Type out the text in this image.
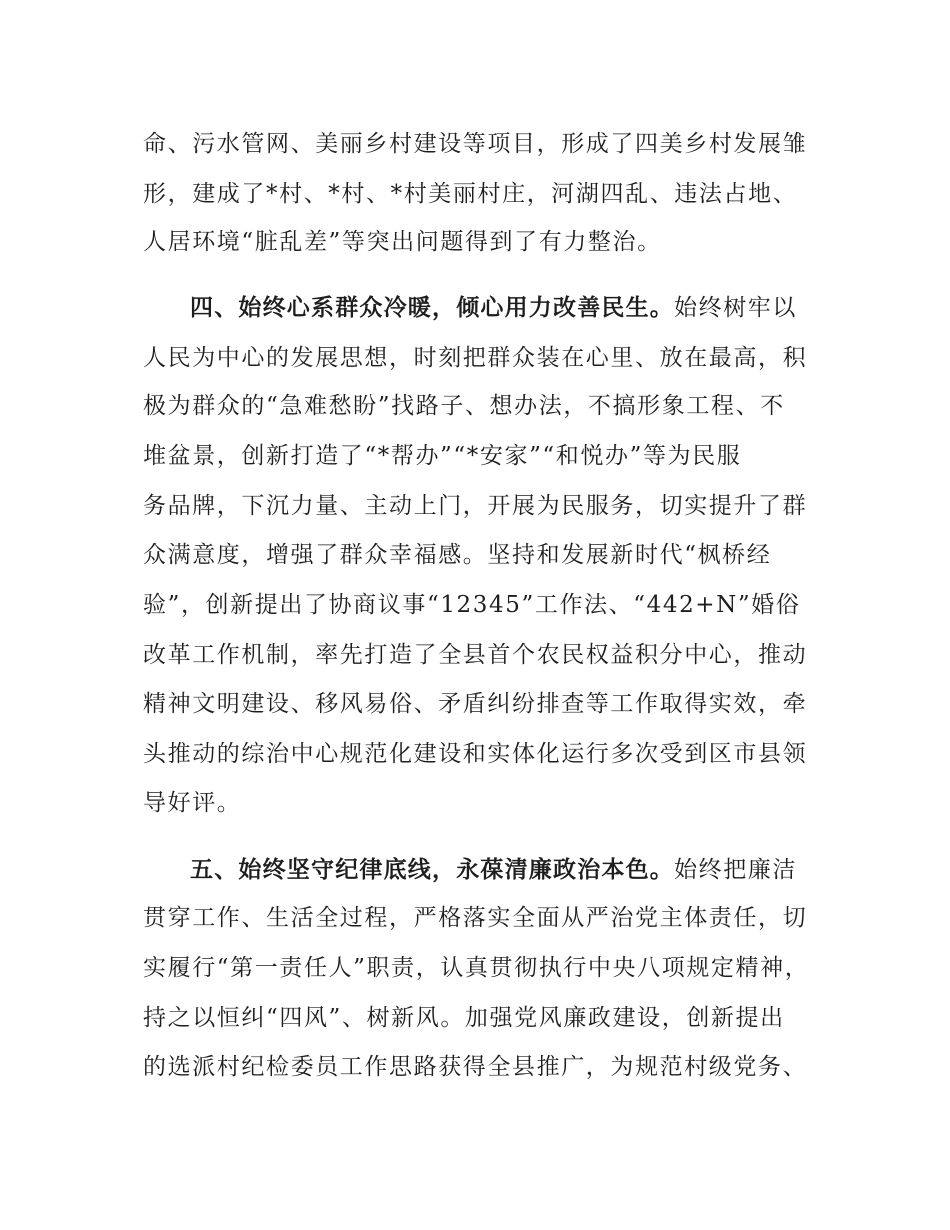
命、污水管网、美丽乡村建设等项目，形成了四美乡村发展雏
形，建成了*村、*村、*村美丽村庄，河湖四乱、违法占地、
人居环境“脏乱差”等突出问题得到了有力整治。
四、始终心系群众冷暖，倾心用力改善民生。始终树牢以
人民为中心的发展思想，时刻把群众装在心里、放在最高，积
极为群众的“急难愁盼”找路子、想办法，不搞形象工程、不
堆盆景，创新打造了“*帮办”“*安家”“和悦办”等为民服
务品牌，下沉力量、主动上门，开展为民服务，切实提升了群
众满意度，增强了群众幸福感。坚持和发展新时代“枫桥经
验”，创新提出了协商议事“12345”工作法、“442+N”婚俗
改革工作机制，率先打造了全县首个农民权益积分中心，推动
精神文明建设、移风易俗、矛盾纠纷排查等工作取得实效，牵
头推动的综治中心规范化建设和实体化运行多次受到区市县领
导好评。
五、始终坚守纪律底线，永葆清廉政治本色。始终把廉洁
贯穿工作、生活全过程，严格落实全面从严治党主体责任，切
实履行“第一责任人”职责，认真贯彻执行中央八项规定精神，
持之以恒纠“四风”、树新风。加强党风廉政建设，创新提出
的选派村纪检委员工作思路获得全县推广，为规范村级党务、
